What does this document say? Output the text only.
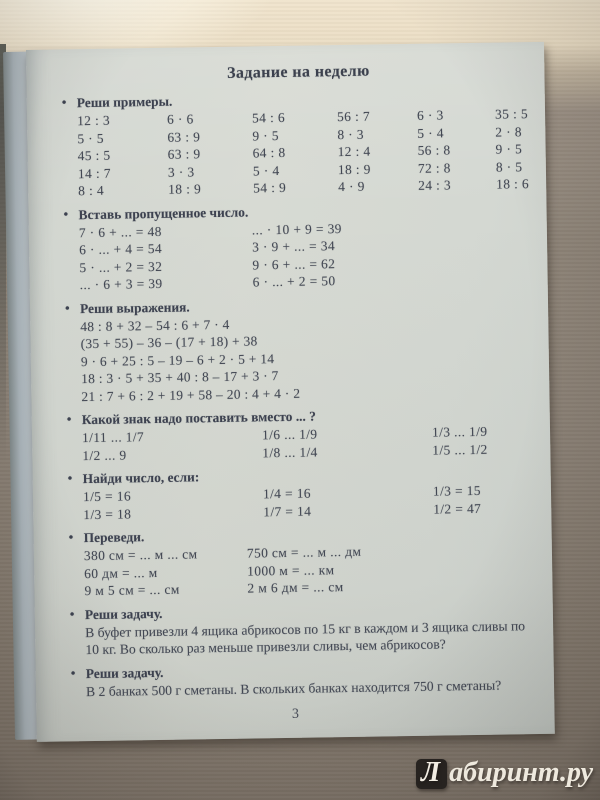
Задание на неделю
• Реши примеры.
12 : 3	6 · 6	54 : 6	56 : 7	6 · 3	35 : 5
5 · 5	63 : 9	9 · 5	8 · 3	5 · 4	2 · 8
45 : 5	63 : 9	64 : 8	12 : 4	56 : 8	9 · 5
14 : 7	3 · 3	5 · 4	18 : 9	72 : 8	8 · 5
8 : 4	18 : 9	54 : 9	4 · 9	24 : 3	18 : 6
• Вставь пропущенное число.
7 · 6 + ... = 48	... · 10 + 9 = 39
6 · ... + 4 = 54	3 · 9 + ... = 34
5 · ... + 2 = 32	9 · 6 + ... = 62
... · 6 + 3 = 39	6 · ... + 2 = 50
• Реши выражения.
48 : 8 + 32 – 54 : 6 + 7 · 4
(35 + 55) – 36 – (17 + 18) + 38
9 · 6 + 25 : 5 – 19 – 6 + 2 · 5 + 14
18 : 3 · 5 + 35 + 40 : 8 – 17 + 3 · 7
21 : 7 + 6 : 2 + 19 + 58 – 20 : 4 + 4 · 2
• Какой знак надо поставить вместо ... ?
1/11 ... 1/7	1/6 ... 1/9	1/3 ... 1/9
1/2 ... 9	1/8 ... 1/4	1/5 ... 1/2
• Найди число, если:
1/5 = 16	1/4 = 16	1/3 = 15
1/3 = 18	1/7 = 14	1/2 = 47
• Переведи.
380 см = ... м ... см	750 см = ... м ... дм
60 дм = ... м	1000 м = ... км
9 м 5 см = ... см	2 м 6 дм = ... см
• Реши задачу.
В буфет привезли 4 ящика абрикосов по 15 кг в каждом и 3 ящика сливы по 10 кг. Во сколько раз меньше привезли сливы, чем абрикосов?
• Реши задачу.
В 2 банках 500 г сметаны. В скольких банках находится 750 г сметаны?
3
Л абиринт.ру
